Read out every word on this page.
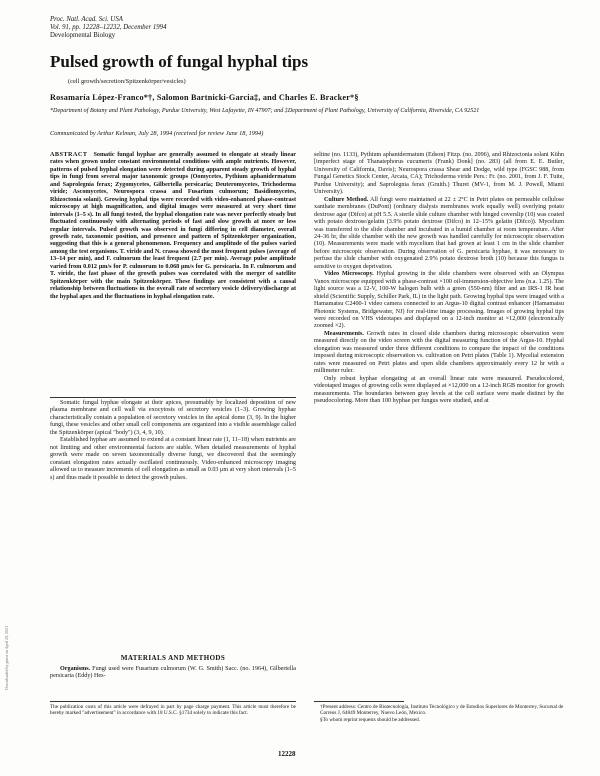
Proc. Natl. Acad. Sci. USA
Vol. 91, pp. 12228–12232, December 1994
Developmental Biology
Pulsed growth of fungal hyphal tips
(cell growth/secretion/Spitzenkörper/vesicles)
Rosamaría López-Franco*†, Salomon Bartnicki-Garcia‡, and Charles E. Bracker*§
*Department of Botany and Plant Pathology, Purdue University, West Lafayette, IN 47907; and ‡Department of Plant Pathology, University of California, Riverside, CA 92521
Communicated by Arthur Kelman, July 28, 1994 (received for review June 18, 1994)
ABSTRACT Somatic fungal hyphae are generally assumed to elongate at steady linear rates when grown under constant environmental conditions with ample nutrients. However, patterns of pulsed hyphal elongation were detected during apparent steady growth of hyphal tips in fungi from several major taxonomic groups (Oomycetes, Pythium aphanidermatum and Saprolegnia ferax; Zygomycetes, Gilbertella persicaria; Deuteromycetes, Trichoderma viride; Ascomycetes, Neurospora crassa and Fusarium culmorum; Basidiomycetes, Rhizoctonia solani). Growing hyphal tips were recorded with video-enhanced phase-contrast microscopy at high magnification, and digital images were measured at very short time intervals (1–5 s). In all fungi tested, the hyphal elongation rate was never perfectly steady but fluctuated continuously with alternating periods of fast and slow growth at more or less regular intervals. Pulsed growth was observed in fungi differing in cell diameter, overall growth rate, taxonomic position, and presence and pattern of Spitzenkörper organization, suggesting that this is a general phenomenon. Frequency and amplitude of the pulses varied among the test organisms. T. viride and N. crassa showed the most frequent pulses (average of 13–14 per min), and F. culmorum the least frequent (2.7 per min). Average pulse amplitude varied from 0.012 μm/s for P. culmorum to 0.068 μm/s for G. persicaria. In F. culmorum and T. viride, the fast phase of the growth pulses was correlated with the merger of satellite Spitzenkörper with the main Spitzenkörper. These findings are consistent with a causal relationship between fluctuations in the overall rate of secretory vesicle delivery/discharge at the hyphal apex and the fluctuations in hyphal elongation rate.

Somatic fungal hyphae elongate at their apices, presumably by localized deposition of new plasma membrane and cell wall via exocytosis of secretory vesicles (1–3). Growing hyphae characteristically contain a population of secretory vesicles in the apical dome (3, 9). In the higher fungi, these vesicles and other small cell components are organized into a visible assemblage called the Spitzenkörper (apical "body") (3, 4, 9, 10).

Established hyphae are assumed to extend at a constant linear rate (1, 11–18) when nutrients are not limiting and other environmental factors are stable. When detailed measurements of hyphal growth were made on seven taxonomically diverse fungi, we discovered that the seemingly constant elongation rates actually oscillated continuously. Video-enhanced microscopy imaging allowed us to measure increments of cell elongation as small as 0.03 μm at very short intervals (1–5 s) and thus made it possible to detect the growth pulses.

MATERIALS AND METHODS

Organisms. Fungi used were Fusarium culmorum (W. G. Smith) Sacc. (no. 1964), Gilbertella persicaria (Eddy) Hes-

seltine (no. 1133), Pythium aphanidermatum (Edson) Fitzp. (no. 2096), and Rhizoctonia solani Kühn [imperfect stage of Thanatephorus cucumeris (Frank) Donk] (no. 283) (all from E. E. Butler, University of California, Davis); Neurospora crassa Shear and Dodge, wild type (FGSC 988, from Fungal Genetics Stock Center, Arcata, CA); Trichoderma viride Pers.: Fr. (no. 2001, from J. F. Tuite, Purdue University); and Saprolegnia ferax (Gruith.) Thuret (MV-1, from M. J. Powell, Miami University).

Culture Method. All fungi were maintained at 22 ± 2°C in Petri plates on permeable cellulose xanthate membranes (DuPont) (ordinary dialysis membranes work equally well) overlying potato dextrose agar (Difco) at pH 5.5. A sterile slide culture chamber with hinged coverslip (10) was coated with potato dextrose/gelatin (3.9% potato dextrose (Difco) in 12–15% gelatin (Difco)). Mycelium was transferred to the slide chamber and incubated in a humid chamber at room temperature. After 24–36 hr, the slide chamber with the new growth was handled carefully for microscopic observation (10). Measurements were made with mycelium that had grown at least 1 cm in the slide chamber before microscopic observation. During observation of G. persicaria hyphae, it was necessary to perfuse the slide chamber with oxygenated 2.9% potato dextrose broth (10) because this fungus is sensitive to oxygen deprivation.

Video Microscopy. Hyphal growing in the slide chambers were observed with an Olympus Vanox microscope equipped with a phase-contrast ×100 oil-immersion-objective lens (n.a. 1.25). The light source was a 12-V, 100-W halogen bulb with a green (550-nm) filter and an IRS-1 IR heat shield (Scientific Supply, Schiller Park, IL) in the light path. Growing hyphal tips were imaged with a Hamamatsu C2400-1 video camera connected to an Argus-10 digital contrast enhancer (Hamamatsu Photonic Systems, Bridgewater, NJ) for real-time image processing. Images of growing hyphal tips were recorded on VHS videotapes and displayed on a 12-inch monitor at ×12,000 (electronically zoomed ×2).

Measurements. Growth rates in closed slide chambers during microscopic observation were measured directly on the video screen with the digital measuring function of the Argus-10. Hyphal elongation was measured under three different conditions to compare the impact of the conditions imposed during microscopic observation vs. cultivation on Petri plates (Table 1). Mycelial extension rates were measured on Petri plates and open slide chambers approximately every 12 hr with a millimeter ruler.

Only robust hyphae elongating at an overall linear rate were measured. Pseudocolored, videotaped images of growing cells were displayed at ×12,000 on a 12-inch RGB monitor for growth measurements. The boundaries between gray levels at the cell surface were made distinct by the pseudocoloring. More than 100 hyphae per fungus were studied, and at

The publication costs of this article were defrayed in part by page charge payment. This article must therefore be hereby marked "advertisement" in accordance with 18 U.S.C. §1734 solely to indicate this fact.
†Present address: Centro de Biotecnología, Instituto Tecnológico y de Estudios Superiores de Monterrey, Sucursal de Correos J, 64849 Monterrey, Nuevo León, Mexico.
§To whom reprint requests should be addressed.
12228
Downloaded by guest on April 29, 2021
